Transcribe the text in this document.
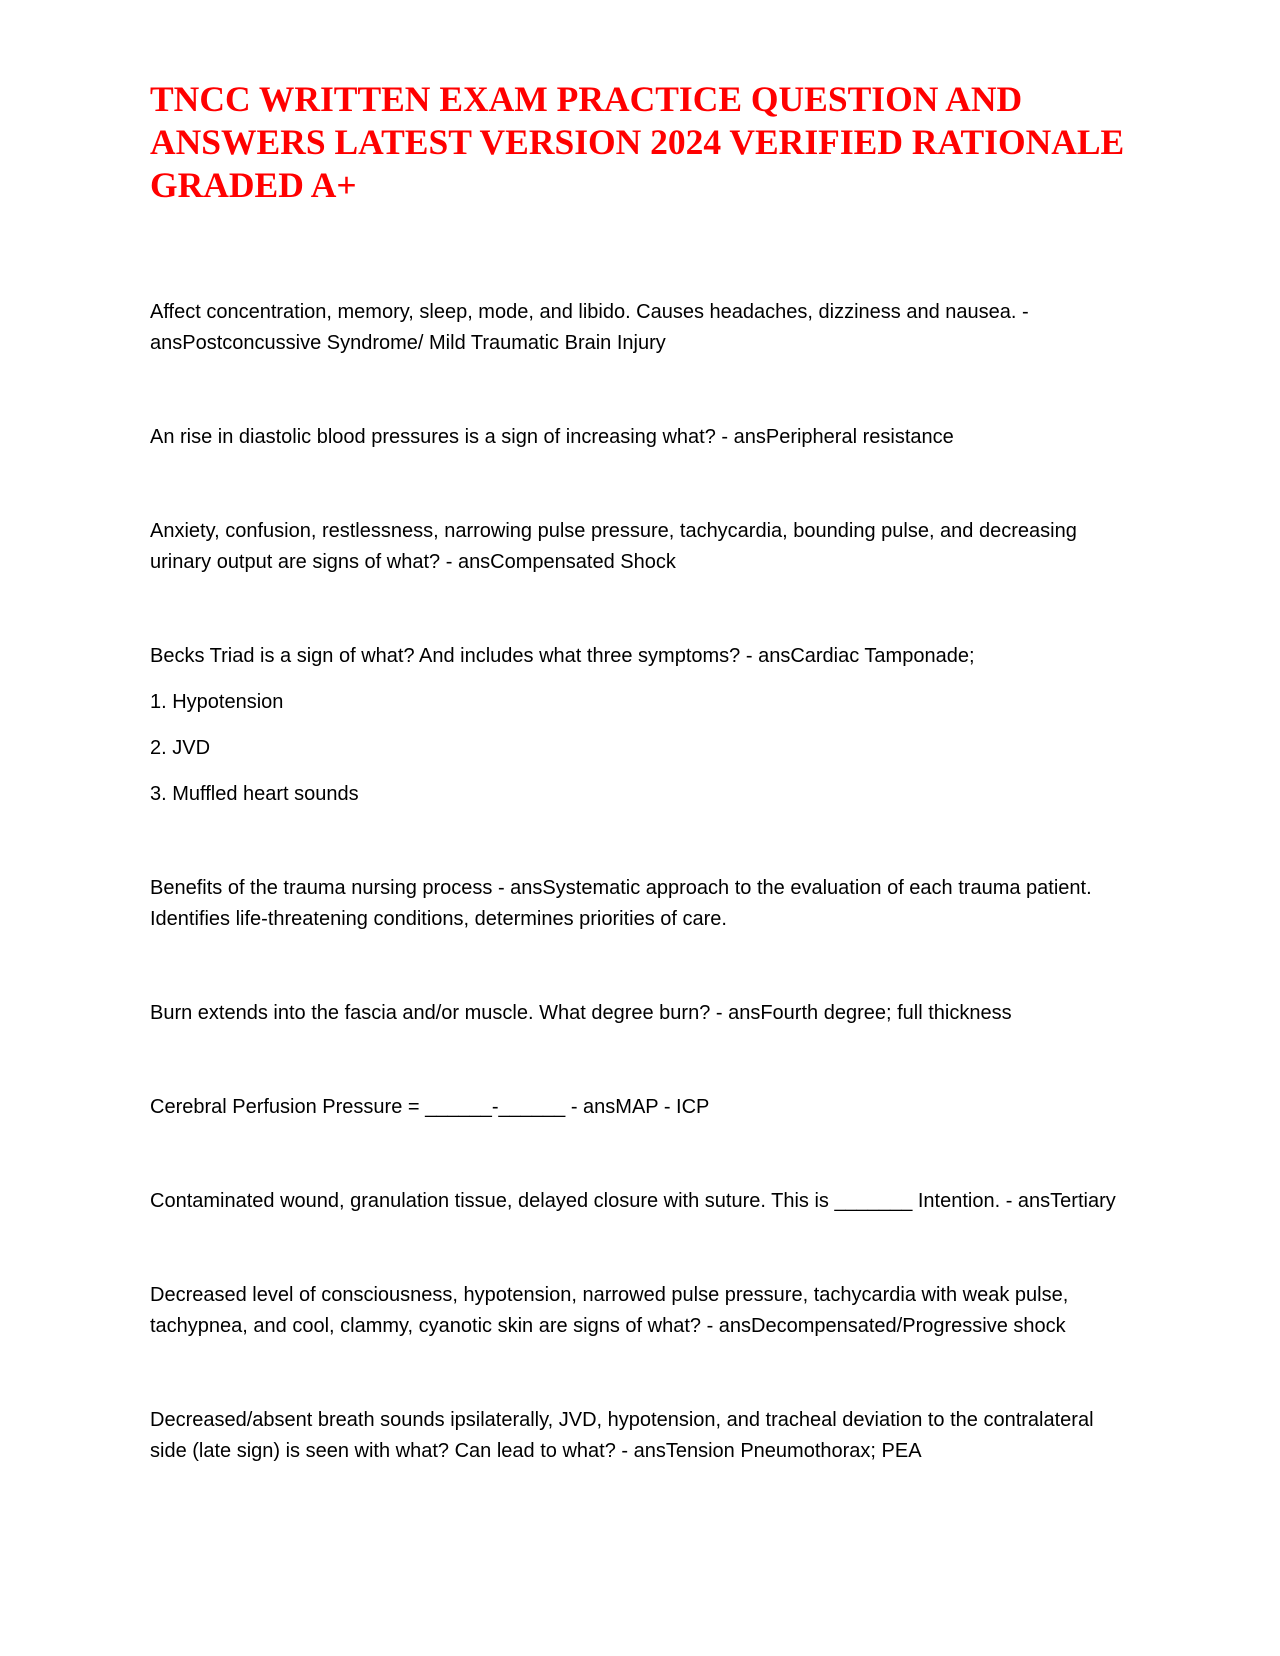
TNCC WRITTEN EXAM PRACTICE QUESTION AND ANSWERS LATEST VERSION 2024 VERIFIED RATIONALE GRADED A+

Affect concentration, memory, sleep, mode, and libido. Causes headaches, dizziness and nausea. - ansPostconcussive Syndrome/ Mild Traumatic Brain Injury

An rise in diastolic blood pressures is a sign of increasing what? - ansPeripheral resistance

Anxiety, confusion, restlessness, narrowing pulse pressure, tachycardia, bounding pulse, and decreasing urinary output are signs of what? - ansCompensated Shock

Becks Triad is a sign of what? And includes what three symptoms? - ansCardiac Tamponade;
1. Hypotension
2. JVD
3. Muffled heart sounds

Benefits of the trauma nursing process - ansSystematic approach to the evaluation of each trauma patient. Identifies life-threatening conditions, determines priorities of care.

Burn extends into the fascia and/or muscle. What degree burn? - ansFourth degree; full thickness

Cerebral Perfusion Pressure = ______-______ - ansMAP - ICP

Contaminated wound, granulation tissue, delayed closure with suture. This is _______ Intention. - ansTertiary

Decreased level of consciousness, hypotension, narrowed pulse pressure, tachycardia with weak pulse, tachypnea, and cool, clammy, cyanotic skin are signs of what? - ansDecompensated/Progressive shock

Decreased/absent breath sounds ipsilaterally, JVD, hypotension, and tracheal deviation to the contralateral side (late sign) is seen with what? Can lead to what? - ansTension Pneumothorax; PEA
